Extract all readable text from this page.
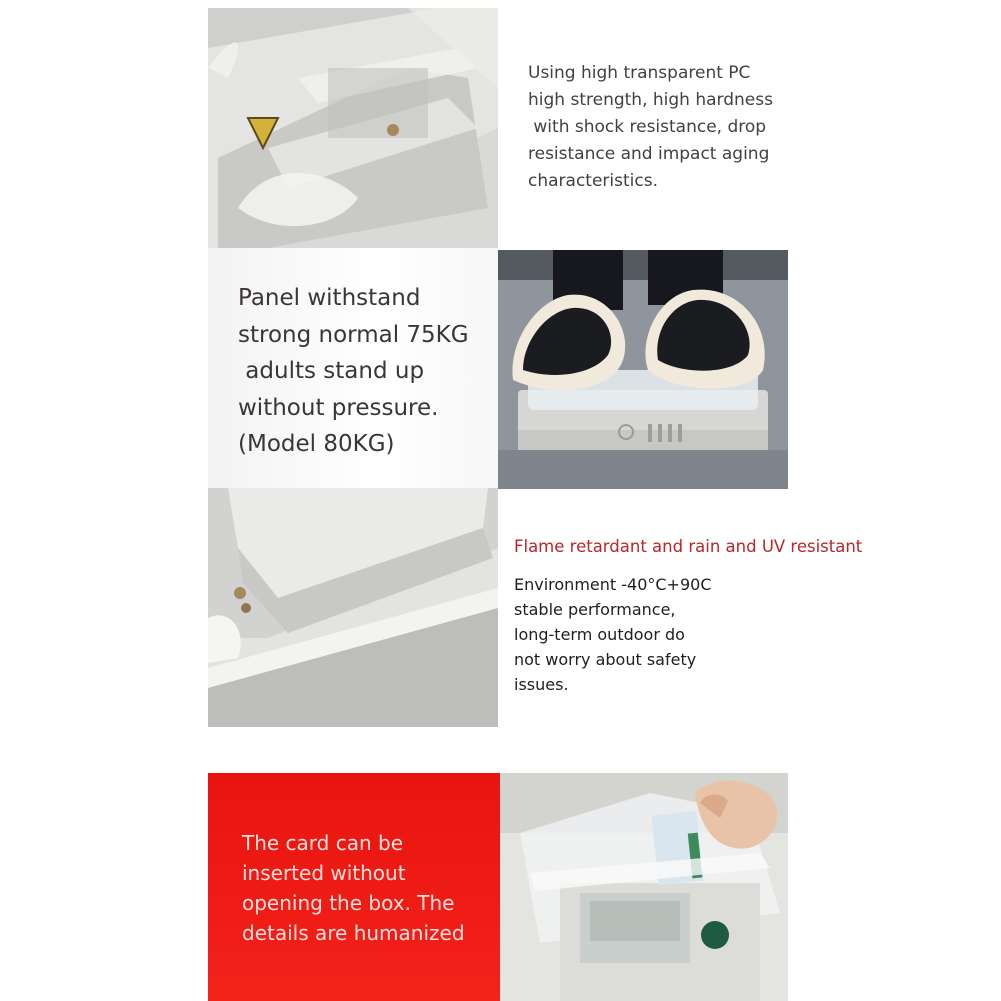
Using high transparent PC
high strength, high hardness
with shock resistance, drop
resistance and impact aging
characteristics.
Panel withstand
strong normal 75KG
adults stand up
without pressure.
(Model 80KG)
Flame retardant and rain and UV resistant
Environment -40°C+90C
stable performance,
long-term outdoor do
not worry about safety
issues.
The card can be
inserted without
opening the box. The
details are humanized
